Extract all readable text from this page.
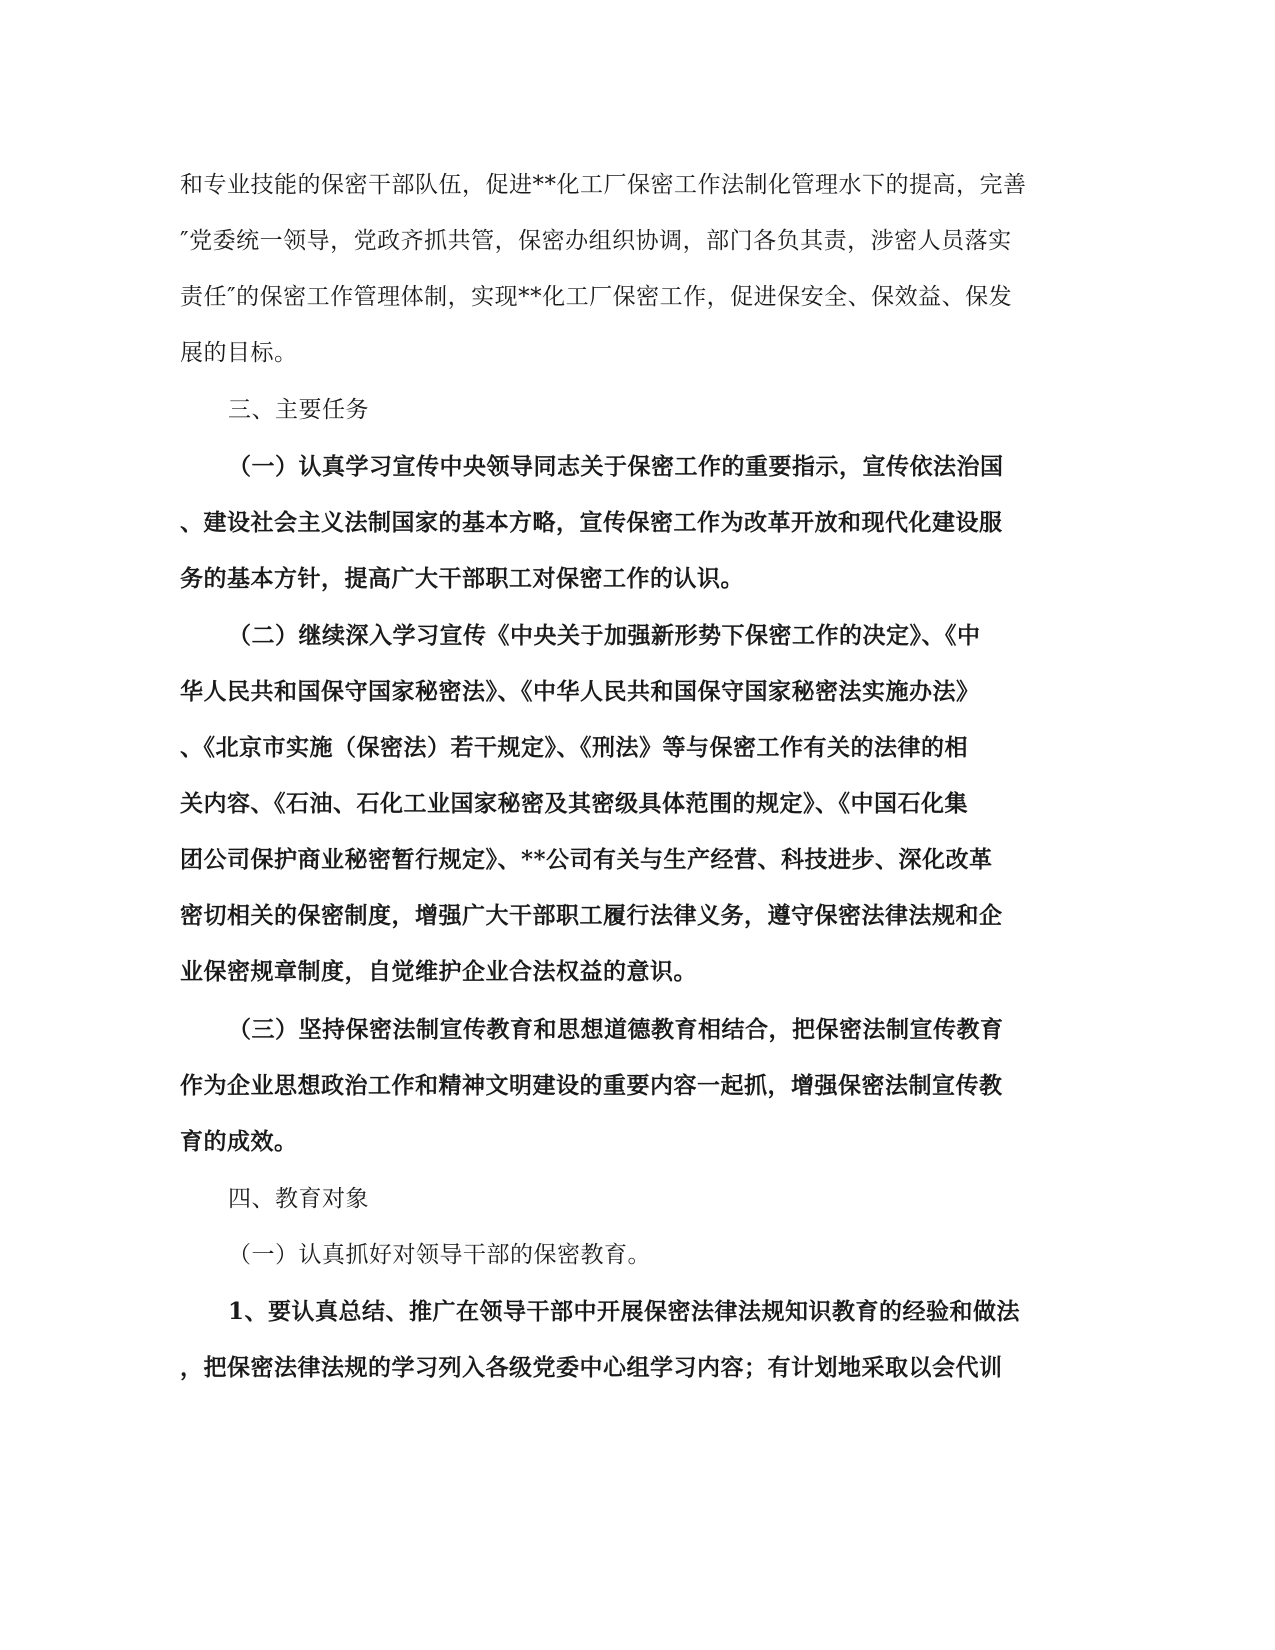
和专业技能的保密干部队伍，促进**化工厂保密工作法制化管理水下的提高，完善
″党委统一领导，党政齐抓共管，保密办组织协调，部门各负其责，涉密人员落实
责任″的保密工作管理体制，实现**化工厂保密工作，促进保安全、保效益、保发
展的目标。
三、主要任务
（一）认真学习宣传中央领导同志关于保密工作的重要指示，宣传依法治国
、建设社会主义法制国家的基本方略，宣传保密工作为改革开放和现代化建设服
务的基本方针，提高广大干部职工对保密工作的认识。
（二）继续深入学习宣传《中央关于加强新形势下保密工作的决定》、《中
华人民共和国保守国家秘密法》、《中华人民共和国保守国家秘密法实施办法》
、《北京市实施（保密法）若干规定》、《刑法》等与保密工作有关的法律的相
关内容、《石油、石化工业国家秘密及其密级具体范围的规定》、《中国石化集
团公司保护商业秘密暂行规定》、**公司有关与生产经营、科技进步、深化改革
密切相关的保密制度，增强广大干部职工履行法律义务，遵守保密法律法规和企
业保密规章制度，自觉维护企业合法权益的意识。
（三）坚持保密法制宣传教育和思想道德教育相结合，把保密法制宣传教育
作为企业思想政治工作和精神文明建设的重要内容一起抓，增强保密法制宣传教
育的成效。
四、教育对象
（一）认真抓好对领导干部的保密教育。
1、要认真总结、推广在领导干部中开展保密法律法规知识教育的经验和做法
，把保密法律法规的学习列入各级党委中心组学习内容；有计划地采取以会代训
